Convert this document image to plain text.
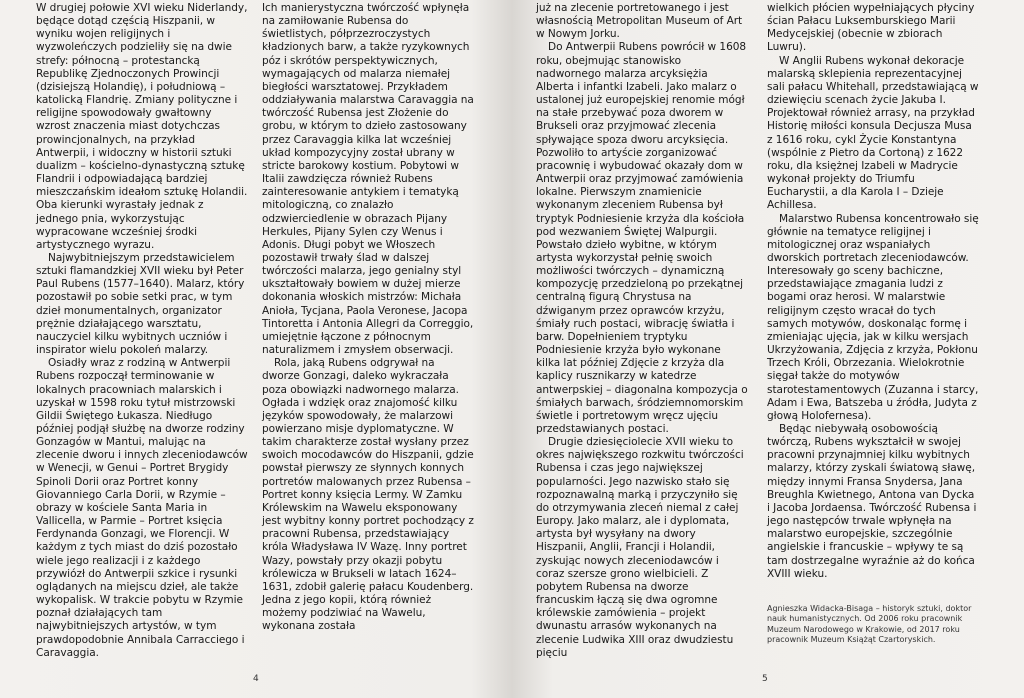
W drugiej połowie XVI wieku Niderlandy, będące dotąd częścią Hiszpanii, w wyniku wojen religijnych i wyzwoleńczych podzieliły się na dwie strefy: północną – protestancką Republikę Zjednoczonych Prowincji (dzisiejszą Holandię), i południową – katolicką Flandrię. Zmiany polityczne i religijne spowodowały gwałtowny wzrost znaczenia miast dotychczas prowincjonalnych, na przykład Antwerpii, i widoczny w historii sztuki dualizm – kościelno-dynastyczną sztukę Flandrii i odpowiadającą bardziej mieszczańskim ideałom sztukę Holandii. Oba kierunki wyrastały jednak z jednego pnia, wykorzystując wypracowane wcześniej środki artystycznego wyrazu.

Najwybitniejszym przedstawicielem sztuki flamandzkiej XVII wieku był Peter Paul Rubens (1577–1640). Malarz, który pozostawił po sobie setki prac, w tym dzieł monumentalnych, organizator prężnie działającego warsztatu, nauczyciel kilku wybitnych uczniów i inspirator wielu pokoleń malarzy.

Osiadły wraz z rodziną w Antwerpii Rubens rozpoczął terminowanie w lokalnych pracowniach malarskich i uzyskał w 1598 roku tytuł mistrzowski Gildii Świętego Łukasza. Niedługo później podjął służbę na dworze rodziny Gonzagów w Mantui, malując na zlecenie dworu i innych zleceniodawców w Wenecji, w Genui – Portret Brygidy Spinoli Dorii oraz Portret konny Giovanniego Carla Dorii, w Rzymie – obrazy w kościele Santa Maria in Vallicella, w Parmie – Portret księcia Ferdynanda Gonzagi, we Florencji. W każdym z tych miast do dziś pozostało wiele jego realizacji i z każdego przywiózł do Antwerpii szkice i rysunki oglądanych na miejscu dzieł, ale także wykopalisk. W trakcie pobytu w Rzymie poznał działających tam najwybitniejszych artystów, w tym prawdopodobnie Annibala Carracciego i Caravaggia.

Ich manierystyczna twórczość wpłynęła na zamiłowanie Rubensa do świetlistych, półprzezroczystych kładzionych barw, a także ryzykownych póz i skrótów perspektywicznych, wymagających od malarza niemałej biegłości warsztatowej. Przykładem oddziaływania malarstwa Caravaggia na twórczość Rubensa jest Złożenie do grobu, w którym to dzieło zastosowany przez Caravaggia kilka lat wcześniej układ kompozycyjny został ubrany w stricte barokowy kostium. Pobytowi w Italii zawdzięcza również Rubens zainteresowanie antykiem i tematyką mitologiczną, co znalazło odzwierciedlenie w obrazach Pijany Herkules, Pijany Sylen czy Wenus i Adonis. Długi pobyt we Włoszech pozostawił trwały ślad w dalszej twórczości malarza, jego genialny styl ukształtowały bowiem w dużej mierze dokonania włoskich mistrzów: Michała Anioła, Tycjana, Paola Veronese, Jacopa Tintoretta i Antonia Allegri da Correggio, umiejętnie łączone z północnym naturalizmem i zmysłem obserwacji.

Rola, jaką Rubens odgrywał na dworze Gonzagi, daleko wykraczała poza obowiązki nadwornego malarza. Ogłada i wdzięk oraz znajomość kilku języków spowodowały, że malarzowi powierzano misje dyplomatyczne. W takim charakterze został wysłany przez swoich mocodawców do Hiszpanii, gdzie powstał pierwszy ze słynnych konnych portretów malowanych przez Rubensa – Portret konny księcia Lermy. W Zamku Królewskim na Wawelu eksponowany jest wybitny konny portret pochodzący z pracowni Rubensa, przedstawiający króla Władysława IV Wazę. Inny portret Wazy, powstały przy okazji pobytu królewicza w Brukseli w latach 1624–1631, zdobił galerię pałacu Koudenberg. Jedna z jego kopii, którą również możemy podziwiać na Wawelu, wykonana została

już na zlecenie portretowanego i jest własnością Metropolitan Museum of Art w Nowym Jorku.

Do Antwerpii Rubens powrócił w 1608 roku, obejmując stanowisko nadwornego malarza arcyksiężia Alberta i infantki Izabeli. Jako malarz o ustalonej już europejskiej renomie mógł na stałe przebywać poza dworem w Brukseli oraz przyjmować zlecenia spływające spoza dworu arcyksięcia. Pozwoliło to artyście zorganizować pracownię i wybudować okazały dom w Antwerpii oraz przyjmować zamówienia lokalne. Pierwszym znamienicie wykonanym zleceniem Rubensa był tryptyk Podniesienie krzyża dla kościoła pod wezwaniem Świętej Walpurgii. Powstało dzieło wybitne, w którym artysta wykorzystał pełnię swoich możliwości twórczych – dynamiczną kompozycję przedzieloną po przekątnej centralną figurą Chrystusa na dźwiganym przez oprawców krzyżu, śmiały ruch postaci, wibrację światła i barw. Dopełnieniem tryptyku Podniesienie krzyża było wykonane kilka lat później Zdjęcie z krzyża dla kaplicy rusznikarzy w katedrze antwerpskiej – diagonalna kompozycja o śmiałych barwach, śródziemnomorskim świetle i portretowym wręcz ujęciu przedstawianych postaci.

Drugie dziesięciolecie XVII wieku to okres największego rozkwitu twórczości Rubensa i czas jego największej popularności. Jego nazwisko stało się rozpoznawalną marką i przyczyniło się do otrzymywania zleceń niemal z całej Europy. Jako malarz, ale i dyplomata, artysta był wysyłany na dwory Hiszpanii, Anglii, Francji i Holandii, zyskując nowych zleceniodawców i coraz szersze grono wielbicieli. Z pobytem Rubensa na dworze francuskim łączą się dwa ogromne królewskie zamówienia – projekt dwunastu arrasów wykonanych na zlecenie Ludwika XIII oraz dwudziestu pięciu

wielkich płócien wypełniających płyciny ścian Pałacu Luksemburskiego Marii Medycejskiej (obecnie w zbiorach Luwru).

W Anglii Rubens wykonał dekoracje malarską sklepienia reprezentacyjnej sali pałacu Whitehall, przedstawiającą w dziewięciu scenach życie Jakuba I. Projektował również arrasy, na przykład Historię miłości konsula Decjusza Musa z 1616 roku, cykl Życie Konstantyna (wspólnie z Pietro da Cortoną) z 1622 roku, dla księżnej Izabeli w Madrycie wykonał projekty do Triumfu Eucharystii, a dla Karola I – Dzieje Achillesa.

Malarstwo Rubensa koncentrowało się głównie na tematyce religijnej i mitologicznej oraz wspaniałych dworskich portretach zleceniodawców. Interesowały go sceny bachiczne, przedstawiające zmagania ludzi z bogami oraz herosi. W malarstwie religijnym często wracał do tych samych motywów, doskonaląc formę i zmieniając ujęcia, jak w kilku wersjach Ukrzyżowania, Zdjęcia z krzyża, Pokłonu Trzech Króli, Obrzezania. Wielokrotnie sięgał także do motywów starotestamentowych (Zuzanna i starcy, Adam i Ewa, Batszeba u źródła, Judyta z głową Holofernesa).

Będąc niebywałą osobowością twórczą, Rubens wykształcił w swojej pracowni przynajmniej kilku wybitnych malarzy, którzy zyskali światową sławę, między innymi Fransa Snydersa, Jana Breughla Kwietnego, Antona van Dycka i Jacoba Jordaensa. Twórczość Rubensa i jego następców trwale wpłynęła na malarstwo europejskie, szczególnie angielskie i francuskie – wpływy te są tam dostrzegalne wyraźnie aż do końca XVIII wieku.

Agnieszka Widacka-Bisaga – historyk sztuki, doktor nauk humanistycznych. Od 2006 roku pracownik Muzeum Narodowego w Krakowie, od 2017 roku pracownik Muzeum Książąt Czartoryskich.
4	5
